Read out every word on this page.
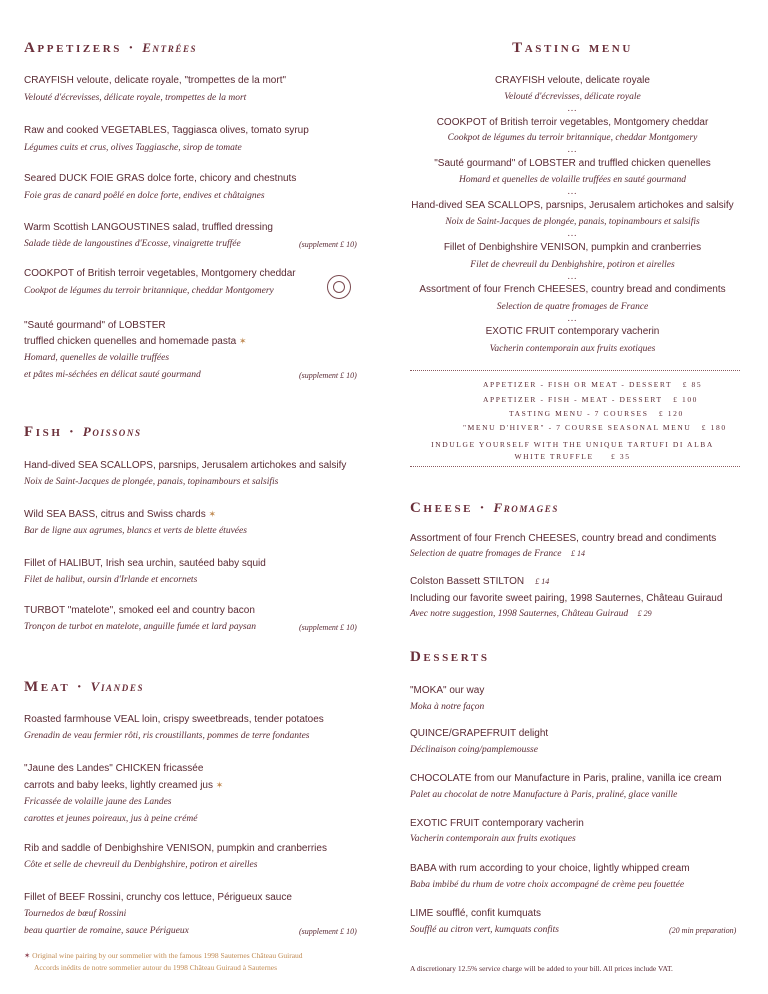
Appetizers · Entrées
CRAYFISH veloute, delicate royale, "trompettes de la mort"
Velouté d'écrevisses, délicate royale, trompettes de la mort
Raw and cooked VEGETABLES, Taggiasca olives, tomato syrup
Légumes cuits et crus, olives Taggiasche, sirop de tomate
Seared DUCK FOIE GRAS dolce forte, chicory and chestnuts
Foie gras de canard poêlé en dolce forte, endives et châtaignes
Warm Scottish LANGOUSTINES salad, truffled dressing
Salade tiède de langoustines d'Ecosse, vinaigrette truffée	(supplement £ 10)
COOKPOT of British terroir vegetables, Montgomery cheddar
Cookpot de légumes du terroir britannique, cheddar Montgomery
"Sauté gourmand" of LOBSTER
truffled chicken quenelles and homemade pasta ✶
Homard, quenelles de volaille truffées
et pâtes mi-séchées en délicat sauté gourmand	(supplement £ 10)
Fish · Poissons
Hand-dived SEA SCALLOPS, parsnips, Jerusalem artichokes and salsify
Noix de Saint-Jacques de plongée, panais, topinambours et salsifis
Wild SEA BASS, citrus and Swiss chards ✶
Bar de ligne aux agrumes, blancs et verts de blette étuvées
Fillet of HALIBUT, Irish sea urchin, sautéed baby squid
Filet de halibut, oursin d'Irlande et encornets
TURBOT "matelote", smoked eel and country bacon
Tronçon de turbot en matelote, anguille fumée et lard paysan	(supplement £ 10)
Meat · Viandes
Roasted farmhouse VEAL loin, crispy sweetbreads, tender potatoes
Grenadin de veau fermier rôti, ris croustillants, pommes de terre fondantes
"Jaune des Landes" CHICKEN fricassée
carrots and baby leeks, lightly creamed jus ✶
Fricassée de volaille jaune des Landes
carottes et jeunes poireaux, jus à peine crémé
Rib and saddle of Denbighshire VENISON, pumpkin and cranberries
Côte et selle de chevreuil du Denbighshire, potiron et airelles
Fillet of BEEF Rossini, crunchy cos lettuce, Périgueux sauce
Tournedos de bœuf Rossini
beau quartier de romaine, sauce Périgueux	(supplement £ 10)
✶ Original wine pairing by our sommelier with the famous 1998 Sauternes Château Guiraud
Accords inédits de notre sommelier autour du 1998 Château Guiraud à Sauternes
Tasting menu
CRAYFISH veloute, delicate royale
Velouté d'écrevisses, délicate royale
...
COOKPOT of British terroir vegetables, Montgomery cheddar
Cookpot de légumes du terroir britannique, cheddar Montgomery
...
"Sauté gourmand" of LOBSTER and truffled chicken quenelles
Homard et quenelles de volaille truffées en sauté gourmand
...
Hand-dived SEA SCALLOPS, parsnips, Jerusalem artichokes and salsify
Noix de Saint-Jacques de plongée, panais, topinambours et salsifis
...
Fillet of Denbighshire VENISON, pumpkin and cranberries
Filet de chevreuil du Denbighshire, potiron et airelles
...
Assortment of four French CHEESES, country bread and condiments
Selection de quatre fromages de France
...
EXOTIC FRUIT contemporary vacherin
Vacherin contemporain aux fruits exotiques
APPETIZER - FISH OR MEAT - DESSERT £ 85
APPETIZER - FISH - MEAT - DESSERT £ 100
TASTING MENU - 7 COURSES £ 120
"MENU D'HIVER" - 7 COURSE SEASONAL MENU £ 180
INDULGE YOURSELF WITH THE UNIQUE TARTUFI DI ALBA
WHITE TRUFFLE £ 35
Cheese · Fromages
Assortment of four French CHEESES, country bread and condiments
Selection de quatre fromages de France £ 14
Colston Bassett STILTON £ 14
Including our favorite sweet pairing, 1998 Sauternes, Château Guiraud
Avec notre suggestion, 1998 Sauternes, Château Guiraud £ 29
Desserts
"MOKA" our way
Moka à notre façon
QUINCE/GRAPEFRUIT delight
Déclinaison coing/pamplemousse
CHOCOLATE from our Manufacture in Paris, praline, vanilla ice cream
Palet au chocolat de notre Manufacture à Paris, praliné, glace vanille
EXOTIC FRUIT contemporary vacherin
Vacherin contemporain aux fruits exotiques
BABA with rum according to your choice, lightly whipped cream
Baba imbibé du rhum de votre choix accompagné de crème peu fouettée
LIME soufflé, confit kumquats
Soufflé au citron vert, kumquats confits	(20 min preparation)
A discretionary 12.5% service charge will be added to your bill. All prices include VAT.
